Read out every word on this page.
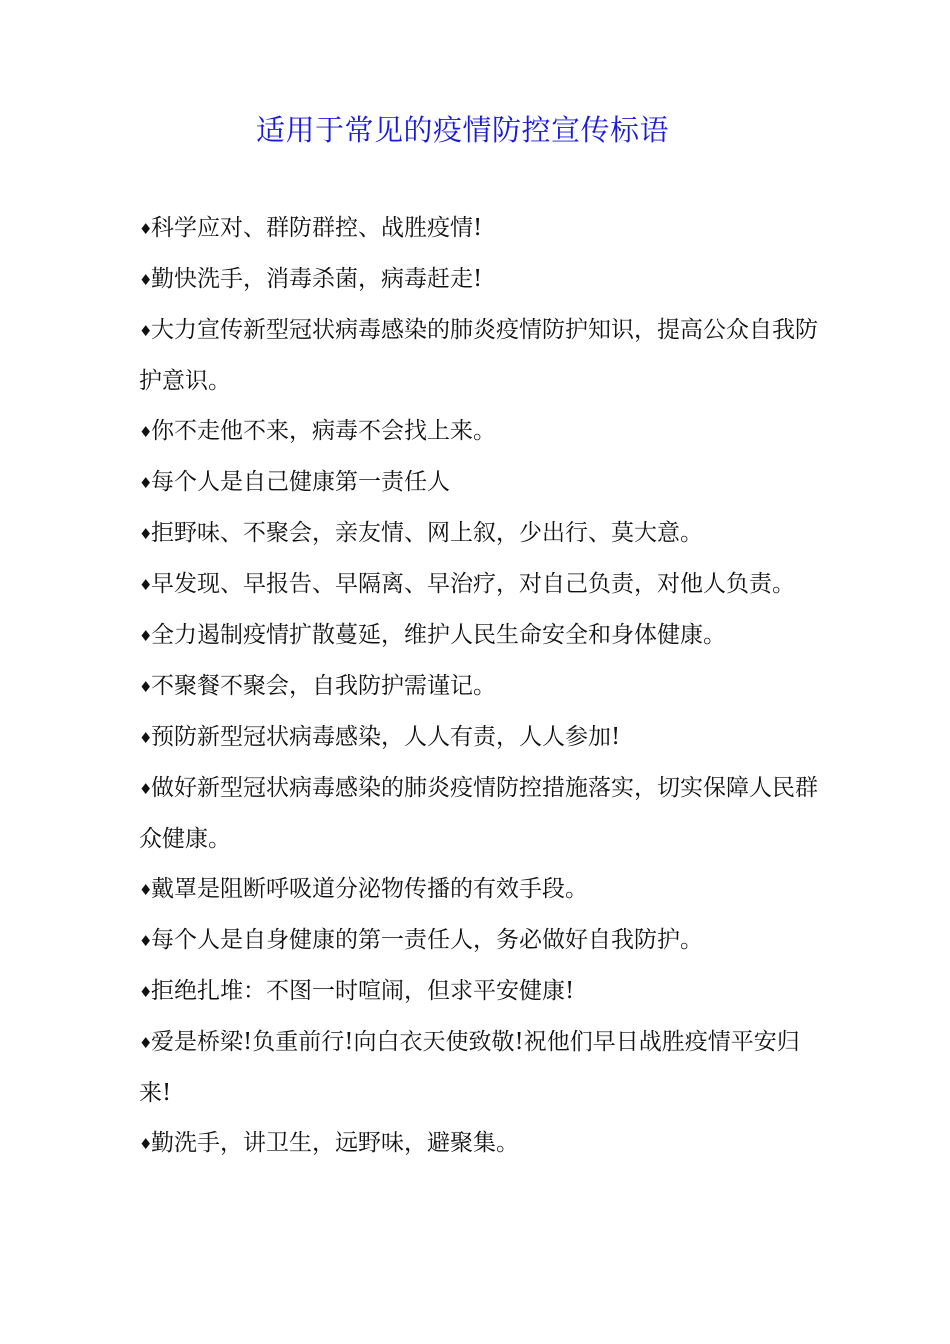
适用于常见的疫情防控宣传标语
♦科学应对、群防群控、战胜疫情!
♦勤快洗手，消毒杀菌，病毒赶走!
♦大力宣传新型冠状病毒感染的肺炎疫情防护知识，提高公众自我防护意识。
♦你不走他不来，病毒不会找上来。
♦每个人是自己健康第一责任人
♦拒野味、不聚会，亲友情、网上叙，少出行、莫大意。
♦早发现、早报告、早隔离、早治疗，对自己负责，对他人负责。
♦全力遏制疫情扩散蔓延，维护人民生命安全和身体健康。
♦不聚餐不聚会，自我防护需谨记。
♦预防新型冠状病毒感染，人人有责，人人参加!
♦做好新型冠状病毒感染的肺炎疫情防控措施落实，切实保障人民群众健康。
♦戴罩是阻断呼吸道分泌物传播的有效手段。
♦每个人是自身健康的第一责任人，务必做好自我防护。
♦拒绝扎堆：不图一时喧闹，但求平安健康!
♦爱是桥梁!负重前行!向白衣天使致敬!祝他们早日战胜疫情平安归来!
♦勤洗手，讲卫生，远野味，避聚集。
